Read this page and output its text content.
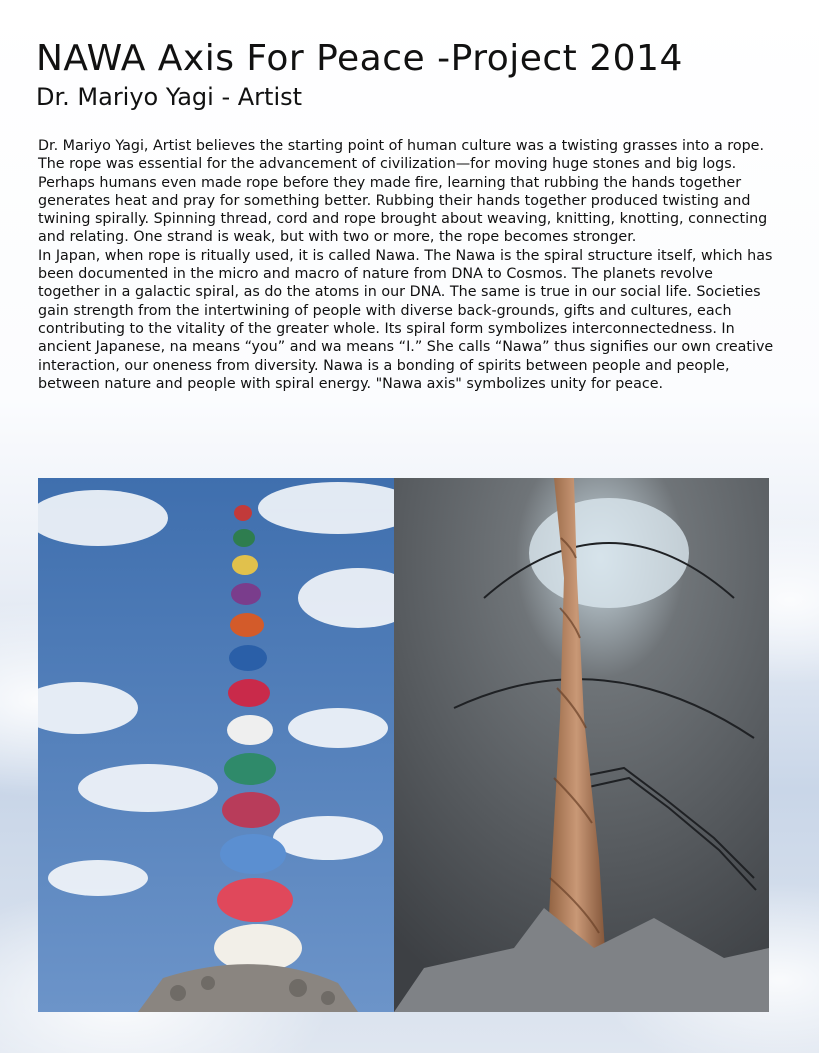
NAWA Axis For Peace -Project 2014
Dr. Mariyo Yagi - Artist

Dr. Mariyo Yagi, Artist believes the starting point of human culture was a twisting grasses into a rope. The rope was essential for the advancement of civilization—for moving huge stones and big logs. Perhaps humans even made rope before they made fire, learning that rubbing the hands together generates heat and pray for something better. Rubbing their hands together produced twisting and twining spirally. Spinning thread, cord and rope brought about weaving, knitting, knotting, connecting and relating. One strand is weak, but with two or more, the rope becomes stronger.

In Japan, when rope is ritually used, it is called Nawa. The Nawa is the spiral structure itself, which has been documented in the micro and macro of nature from DNA to Cosmos. The planets revolve together in a galactic spiral, as do the atoms in our DNA. The same is true in our social life. Societies gain strength from the intertwining of people with diverse back-grounds, gifts and cultures, each contributing to the vitality of the greater whole. Its spiral form symbolizes interconnectedness. In ancient Japanese, na means “you” and wa means “I.” She calls “Nawa” thus signifies our own creative interaction, our oneness from diversity. Nawa is a bonding of spirits between people and people, between nature and people with spiral energy. "Nawa axis" symbolizes unity for peace.
